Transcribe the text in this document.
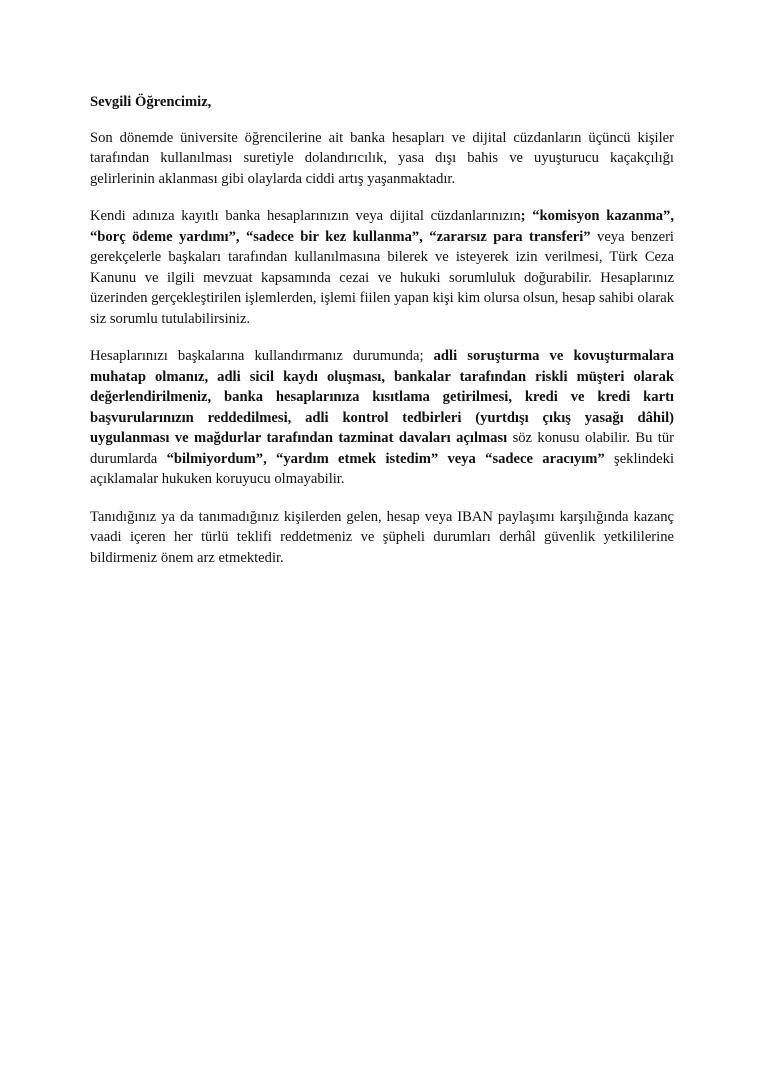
Sevgili Öğrencimiz,

Son dönemde üniversite öğrencilerine ait banka hesapları ve dijital cüzdanların üçüncü kişiler tarafından kullanılması suretiyle dolandırıcılık, yasa dışı bahis ve uyuşturucu kaçakçılığı gelirlerinin aklanması gibi olaylarda ciddi artış yaşanmaktadır.

Kendi adınıza kayıtlı banka hesaplarınızın veya dijital cüzdanlarınızın; “komisyon kazanma”, “borç ödeme yardımı”, “sadece bir kez kullanma”, “zararsız para transferi” veya benzeri gerekçelerle başkaları tarafından kullanılmasına bilerek ve isteyerek izin verilmesi, Türk Ceza Kanunu ve ilgili mevzuat kapsamında cezai ve hukuki sorumluluk doğurabilir. Hesaplarınız üzerinden gerçekleştirilen işlemlerden, işlemi fiilen yapan kişi kim olursa olsun, hesap sahibi olarak siz sorumlu tutulabilirsiniz.

Hesaplarınızı başkalarına kullandırmanız durumunda; adli soruşturma ve kovuşturmalara muhatap olmanız, adli sicil kaydı oluşması, bankalar tarafından riskli müşteri olarak değerlendirilmeniz, banka hesaplarınıza kısıtlama getirilmesi, kredi ve kredi kartı başvurularınızın reddedilmesi, adli kontrol tedbirleri (yurtdışı çıkış yasağı dâhil) uygulanması ve mağdurlar tarafından tazminat davaları açılması söz konusu olabilir. Bu tür durumlarda “bilmiyordum”, “yardım etmek istedim” veya “sadece aracıyım” şeklindeki açıklamalar hukuken koruyucu olmayabilir.

Tanıdığınız ya da tanımadığınız kişilerden gelen, hesap veya IBAN paylaşımı karşılığında kazanç vaadi içeren her türlü teklifi reddetmeniz ve şüpheli durumları derhâl güvenlik yetkililerine bildirmeniz önem arz etmektedir.
